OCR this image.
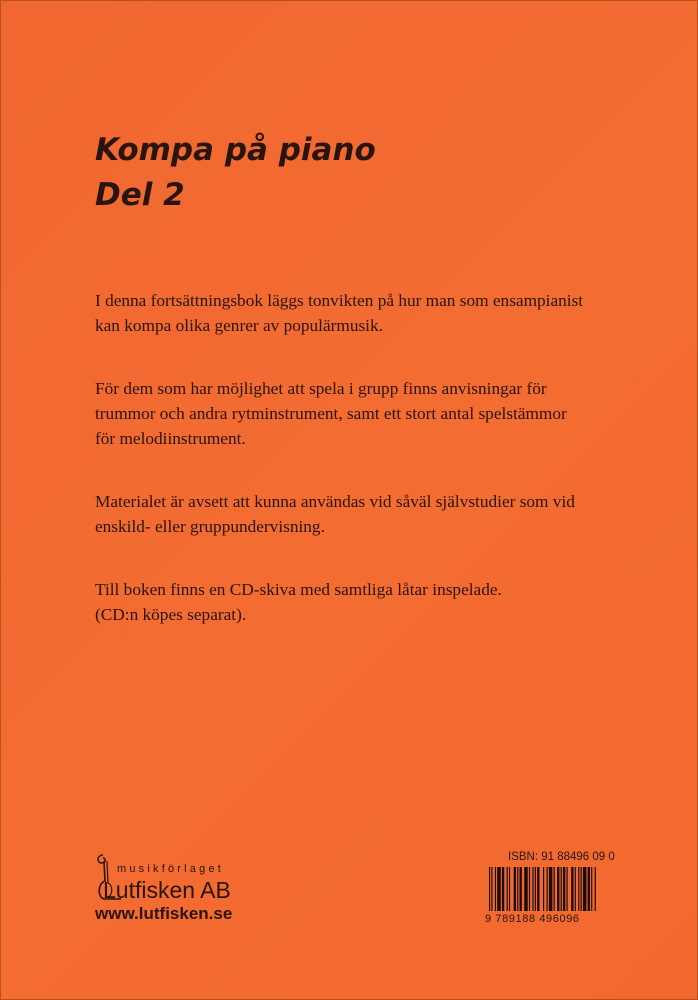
Kompa på piano
Del 2

I denna fortsättningsbok läggs tonvikten på hur man som ensampianist
kan kompa olika genrer av populärmusik.

För dem som har möjlighet att spela i grupp finns anvisningar för
trummor och andra rytminstrument, samt ett stort antal spelstämmor
för melodiinstrument.

Materialet är avsett att kunna användas vid såväl självstudier som vid
enskild- eller gruppundervisning.

Till boken finns en CD-skiva med samtliga låtar inspelade.
(CD:n köpes separat).

musikförlaget
Lutfisken AB
www.lutfisken.se
ISBN: 91 88496 09 0
9 789188 496096
